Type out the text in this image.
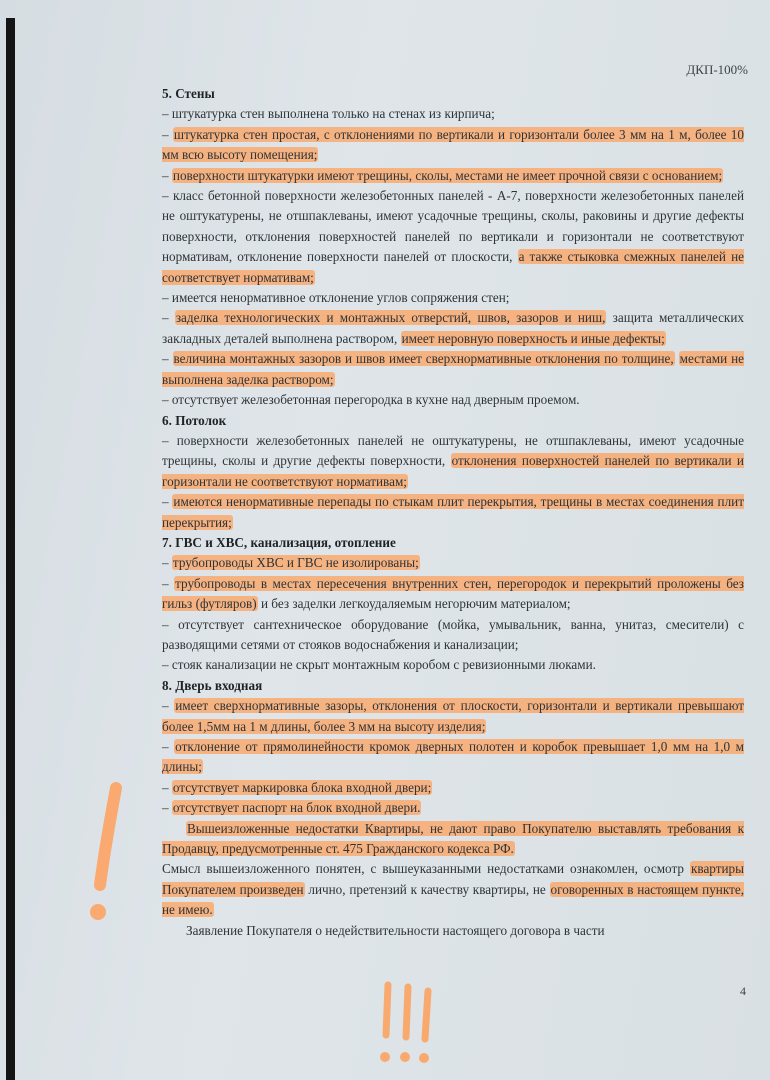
ДКП-100%

5. Стены

– штукатурка стен выполнена только на стенах из кирпича;

– штукатурка стен простая, с отклонениями по вертикали и горизонтали более 3 мм на 1 м, более 10 мм всю высоту помещения;

– поверхности штукатурки имеют трещины, сколы, местами не имеет прочной связи с основанием;

– класс бетонной поверхности железобетонных панелей - А-7, поверхности железобетонных панелей не оштукатурены, не отшпаклеваны, имеют усадочные трещины, сколы, раковины и другие дефекты поверхности, отклонения поверхностей панелей по вертикали и горизонтали не соответствуют нормативам, отклонение поверхности панелей от плоскости, а также стыковка смежных панелей не соответствует нормативам;

– имеется ненормативное отклонение углов сопряжения стен;

– заделка технологических и монтажных отверстий, швов, зазоров и ниш, защита металлических закладных деталей выполнена раствором, имеет неровную поверхность и иные дефекты;

– величина монтажных зазоров и швов имеет сверхнормативные отклонения по толщине, местами не выполнена заделка раствором;

– отсутствует железобетонная перегородка в кухне над дверным проемом.

6. Потолок

– поверхности железобетонных панелей не оштукатурены, не отшпаклеваны, имеют усадочные трещины, сколы и другие дефекты поверхности, отклонения поверхностей панелей по вертикали и горизонтали не соответствуют нормативам;

– имеются ненормативные перепады по стыкам плит перекрытия, трещины в местах соединения плит перекрытия;

7. ГВС и ХВС, канализация, отопление

– трубопроводы ХВС и ГВС не изолированы;

– трубопроводы в местах пересечения внутренних стен, перегородок и перекрытий проложены без гильз (футляров) и без заделки легкоудаляемым негорючим материалом;

– отсутствует сантехническое оборудование (мойка, умывальник, ванна, унитаз, смесители) с разводящими сетями от стояков водоснабжения и канализации;

– стояк канализации не скрыт монтажным коробом с ревизионными люками.

8. Дверь входная

– имеет сверхнормативные зазоры, отклонения от плоскости, горизонтали и вертикали превышают более 1,5мм на 1 м длины, более 3 мм на высоту изделия;

– отклонение от прямолинейности кромок дверных полотен и коробок превышает 1,0 мм на 1,0 м длины;

– отсутствует маркировка блока входной двери;

– отсутствует паспорт на блок входной двери.

Вышеизложенные недостатки Квартиры, не дают право Покупателю выставлять требования к Продавцу, предусмотренные ст. 475 Гражданского кодекса РФ.

Смысл вышеизложенного понятен, с вышеуказанными недостатками ознакомлен, осмотр квартиры Покупателем произведен лично, претензий к качеству квартиры, не оговоренных в настоящем пункте, не имею.

Заявление Покупателя о недействительности настоящего договора в части

4
